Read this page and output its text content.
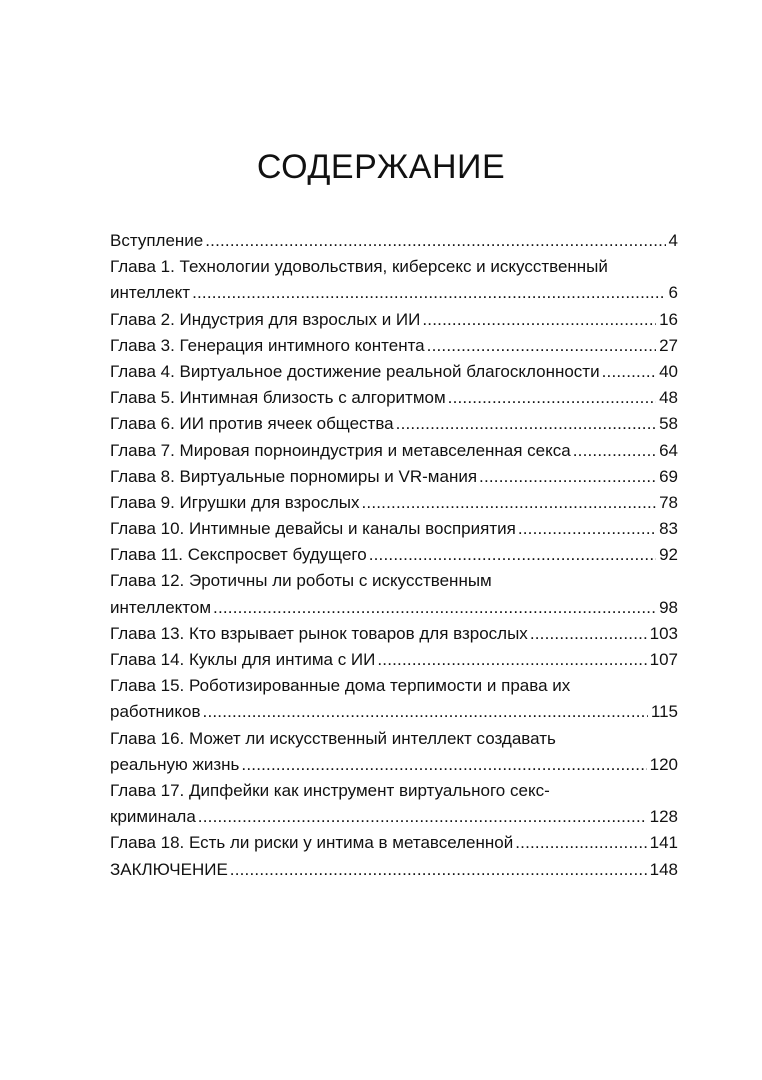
СОДЕРЖАНИЕ
Вступление .....	4
Глава 1. Технологии удовольствия, киберсекс и искусственный
интеллект .....	6
Глава 2. Индустрия для взрослых и ИИ .....	16
Глава 3. Генерация интимного контента .....	27
Глава 4. Виртуальное достижение реальной благосклонности .....	40
Глава 5. Интимная близость с алгоритмом .....	48
Глава 6. ИИ против ячеек общества .....	58
Глава 7. Мировая порноиндустрия и метавселенная секса .....	64
Глава 8. Виртуальные порномиры и VR-мания .....	69
Глава 9. Игрушки для взрослых .....	78
Глава 10. Интимные девайсы и каналы восприятия .....	83
Глава 11. Секспросвет будущего .....	92
Глава 12. Эротичны ли роботы с искусственным
интеллектом .....	98
Глава 13. Кто взрывает рынок товаров для взрослых .....	103
Глава 14. Куклы для интима с ИИ .....	107
Глава 15. Роботизированные дома терпимости и права их
работников .....	115
Глава 16. Может ли искусственный интеллект создавать
реальную жизнь .....	120
Глава 17. Дипфейки как инструмент виртуального секс-
криминала .....	128
Глава 18. Есть ли риски у интима в метавселенной .....	141
ЗАКЛЮЧЕНИЕ .....	148
